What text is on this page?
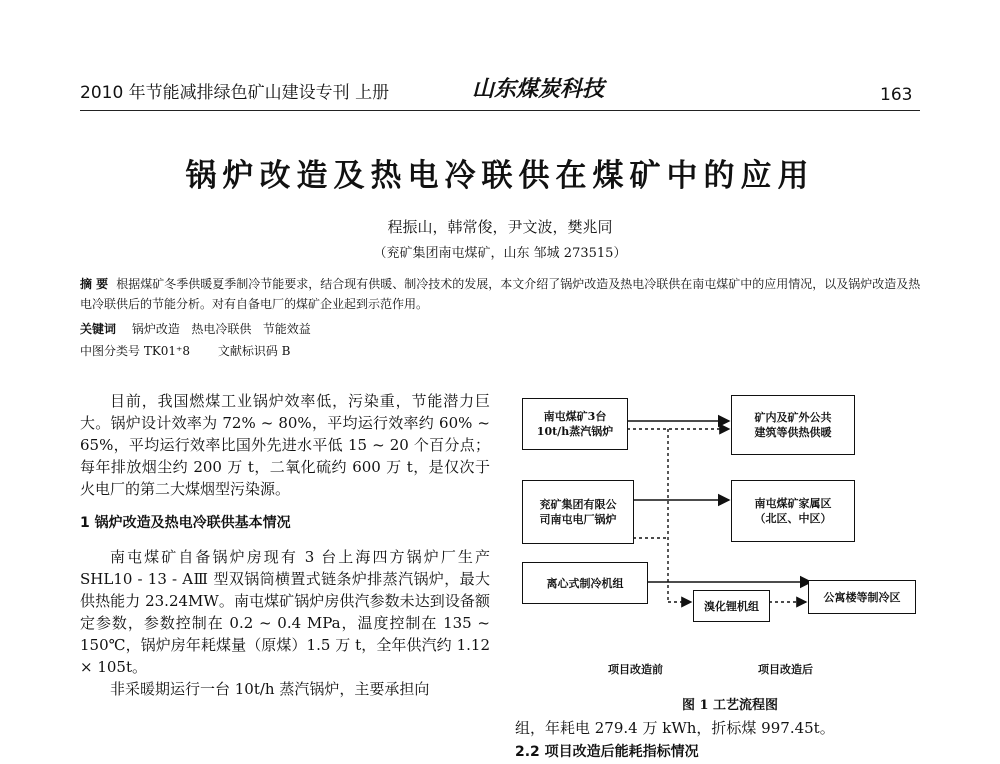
2010 年节能减排绿色矿山建设专刊 上册	山东煤炭科技	163
锅炉改造及热电冷联供在煤矿中的应用
程振山，韩常俊，尹文波，樊兆同
（兖矿集团南屯煤矿，山东 邹城 273515）
摘 要 根据煤矿冬季供暖夏季制冷节能要求，结合现有供暖、制冷技术的发展，本文介绍了锅炉改造及热电冷联供在南屯煤矿中的应用情况，以及锅炉改造及热电冷联供后的节能分析。对有自备电厂的煤矿企业起到示范作用。
关键词 锅炉改造 热电冷联供 节能效益
中图分类号 TK01⁺8 文献标识码 B

目前，我国燃煤工业锅炉效率低，污染重，节能潜力巨大。锅炉设计效率为 72% ~ 80%，平均运行效率约 60% ~ 65%，平均运行效率比国外先进水平低 15 ~ 20 个百分点；每年排放烟尘约 200 万 t，二氧化硫约 600 万 t，是仅次于火电厂的第二大煤烟型污染源。

1 锅炉改造及热电冷联供基本情况

南屯煤矿自备锅炉房现有 3 台上海四方锅炉厂生产 SHL10 - 13 - AⅢ 型双锅筒横置式链条炉排蒸汽锅炉，最大供热能力 23.24MW。南屯煤矿锅炉房供汽参数未达到设备额定参数，参数控制在 0.2 ~ 0.4 MPa，温度控制在 135 ~ 150℃，锅炉房年耗煤量（原煤）1.5 万 t，全年供汽约 1.12 × 105t。

非采暖期运行一台 10t/h 蒸汽锅炉，主要承担向

南屯煤矿3台
10t/h蒸汽锅炉
矿内及矿外公共
建筑等供热供暖
兖矿集团有限公
司南屯电厂锅炉
南屯煤矿家属区
（北区、中区）
离心式制冷机组
溴化锂机组
公寓楼等制冷区
项目改造前	项目改造后
图 1 工艺流程图
组，年耗电 279.4 万 kWh，折标煤 997.45t。
2.2 项目改造后能耗指标情况
